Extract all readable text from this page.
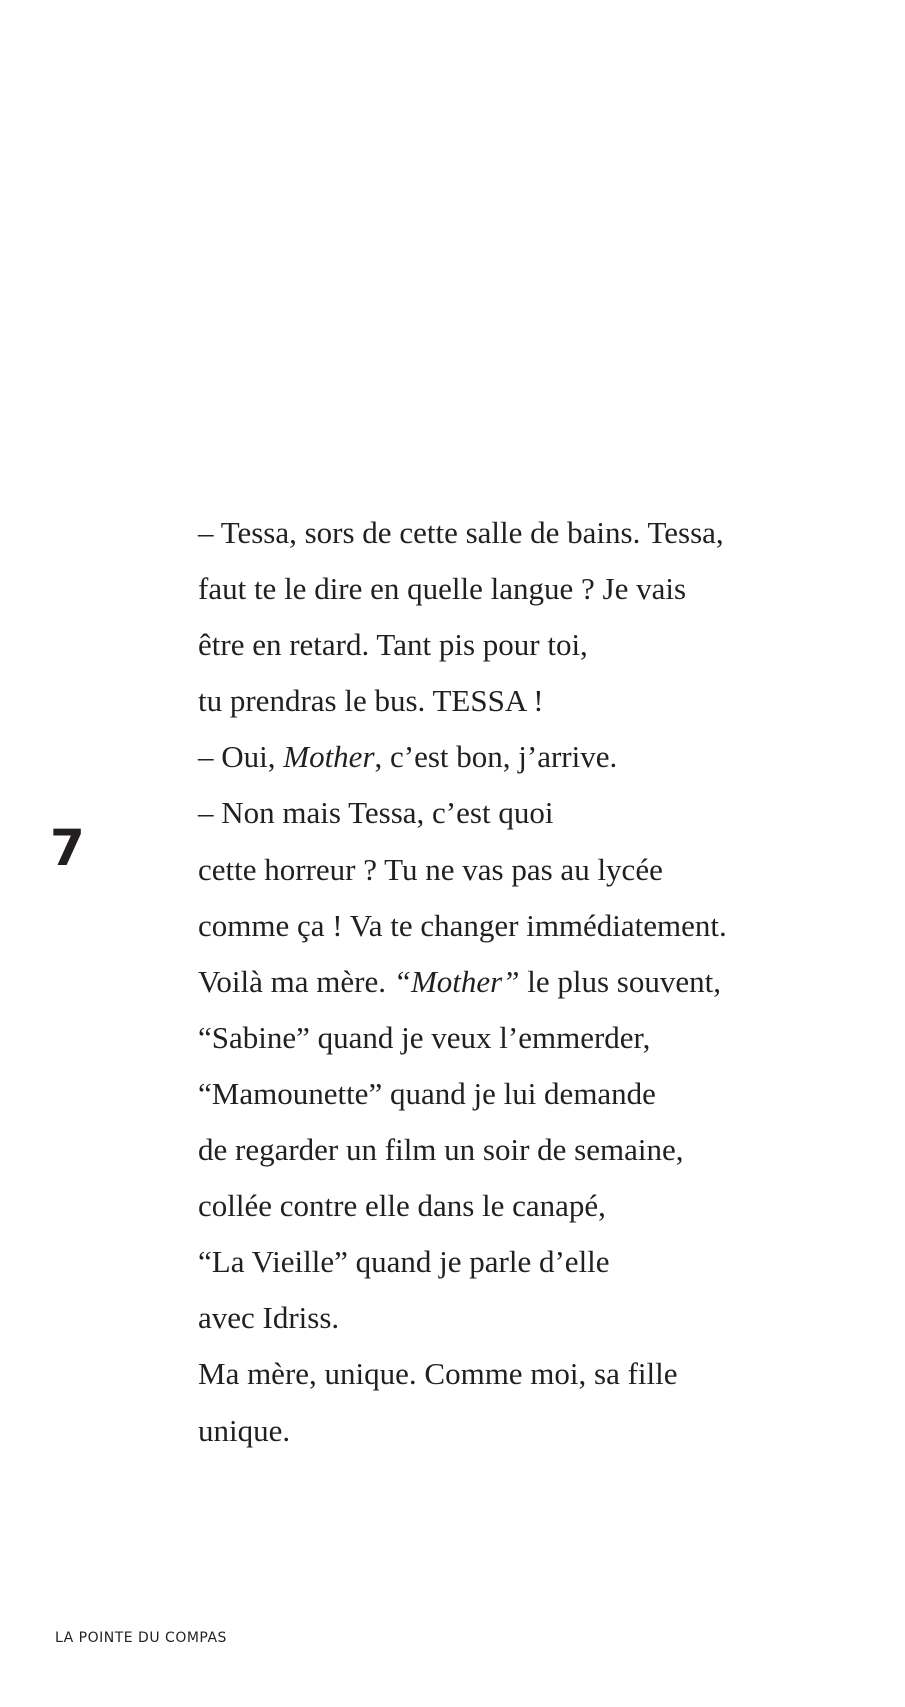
7
– Tessa, sors de cette salle de bains. Tessa,
faut te le dire en quelle langue ? Je vais
être en retard. Tant pis pour toi,
tu prendras le bus. TESSA !
– Oui, Mother, c’est bon, j’arrive.
– Non mais Tessa, c’est quoi
cette horreur ? Tu ne vas pas au lycée
comme ça ! Va te changer immédiatement.
Voilà ma mère. “Mother” le plus souvent,
“Sabine” quand je veux l’emmerder,
“Mamounette” quand je lui demande
de regarder un film un soir de semaine,
collée contre elle dans le canapé,
“La Vieille” quand je parle d’elle
avec Idriss.
Ma mère, unique. Comme moi, sa fille
unique.
LA POINTE DU COMPAS
